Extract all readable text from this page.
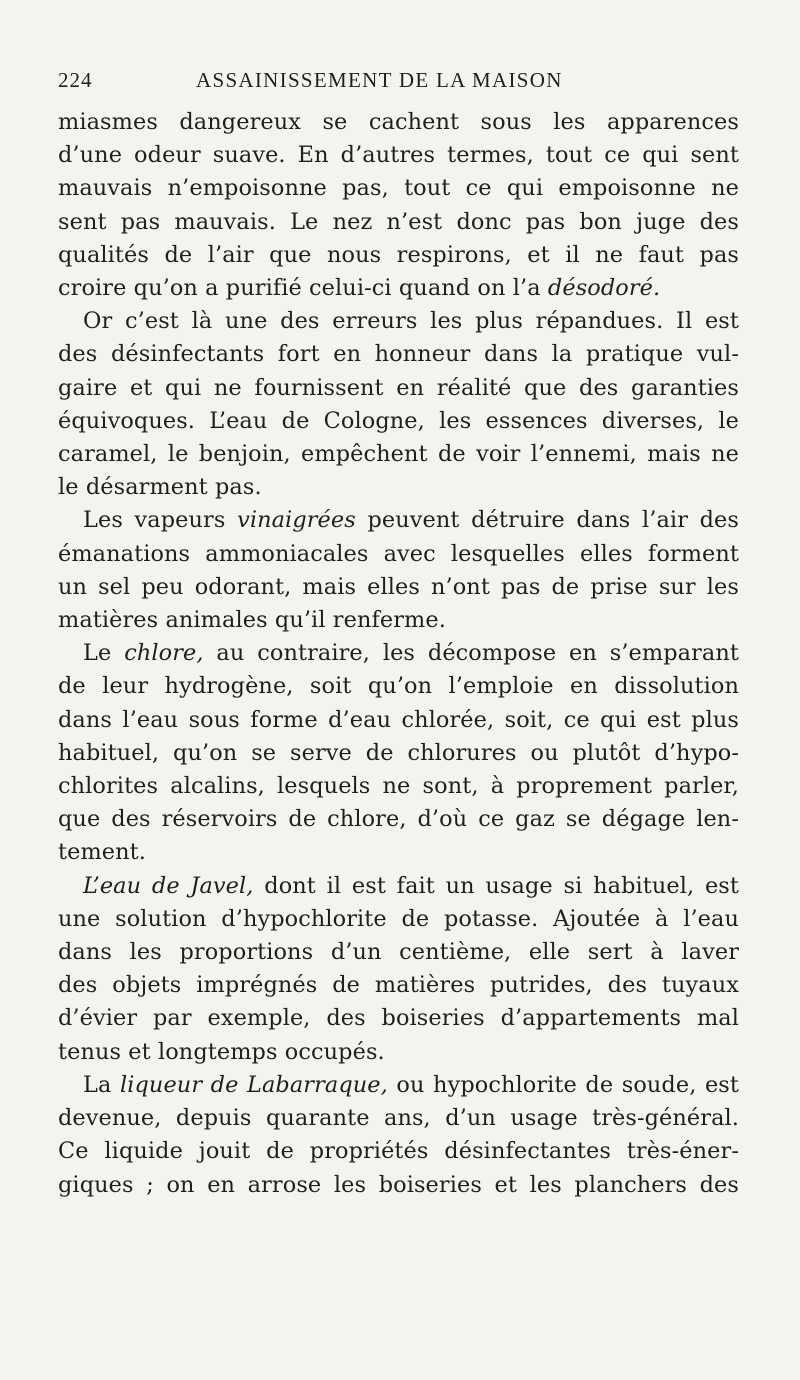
224	ASSAINISSEMENT DE LA MAISON
miasmes dangereux se cachent sous les apparences
d’une odeur suave. En d’autres termes, tout ce qui sent
mauvais n’empoisonne pas, tout ce qui empoisonne ne
sent pas mauvais. Le nez n’est donc pas bon juge des
qualités de l’air que nous respirons, et il ne faut pas
croire qu’on a purifié celui-ci quand on l’a désodoré.
Or c’est là une des erreurs les plus répandues. Il est
des désinfectants fort en honneur dans la pratique vul-
gaire et qui ne fournissent en réalité que des garanties
équivoques. L’eau de Cologne, les essences diverses, le
caramel, le benjoin, empêchent de voir l’ennemi, mais ne
le désarment pas.
Les vapeurs vinaigrées peuvent détruire dans l’air des
émanations ammoniacales avec lesquelles elles forment
un sel peu odorant, mais elles n’ont pas de prise sur les
matières animales qu’il renferme.
Le chlore, au contraire, les décompose en s’emparant
de leur hydrogène, soit qu’on l’emploie en dissolution
dans l’eau sous forme d’eau chlorée, soit, ce qui est plus
habituel, qu’on se serve de chlorures ou plutôt d’hypo-
chlorites alcalins, lesquels ne sont, à proprement parler,
que des réservoirs de chlore, d’où ce gaz se dégage len-
tement.
L’eau de Javel, dont il est fait un usage si habituel, est
une solution d’hypochlorite de potasse. Ajoutée à l’eau
dans les proportions d’un centième, elle sert à laver
des objets imprégnés de matières putrides, des tuyaux
d’évier par exemple, des boiseries d’appartements mal
tenus et longtemps occupés.
La liqueur de Labarraque, ou hypochlorite de soude, est
devenue, depuis quarante ans, d’un usage très-général.
Ce liquide jouit de propriétés désinfectantes très-éner-
giques ; on en arrose les boiseries et les planchers des
